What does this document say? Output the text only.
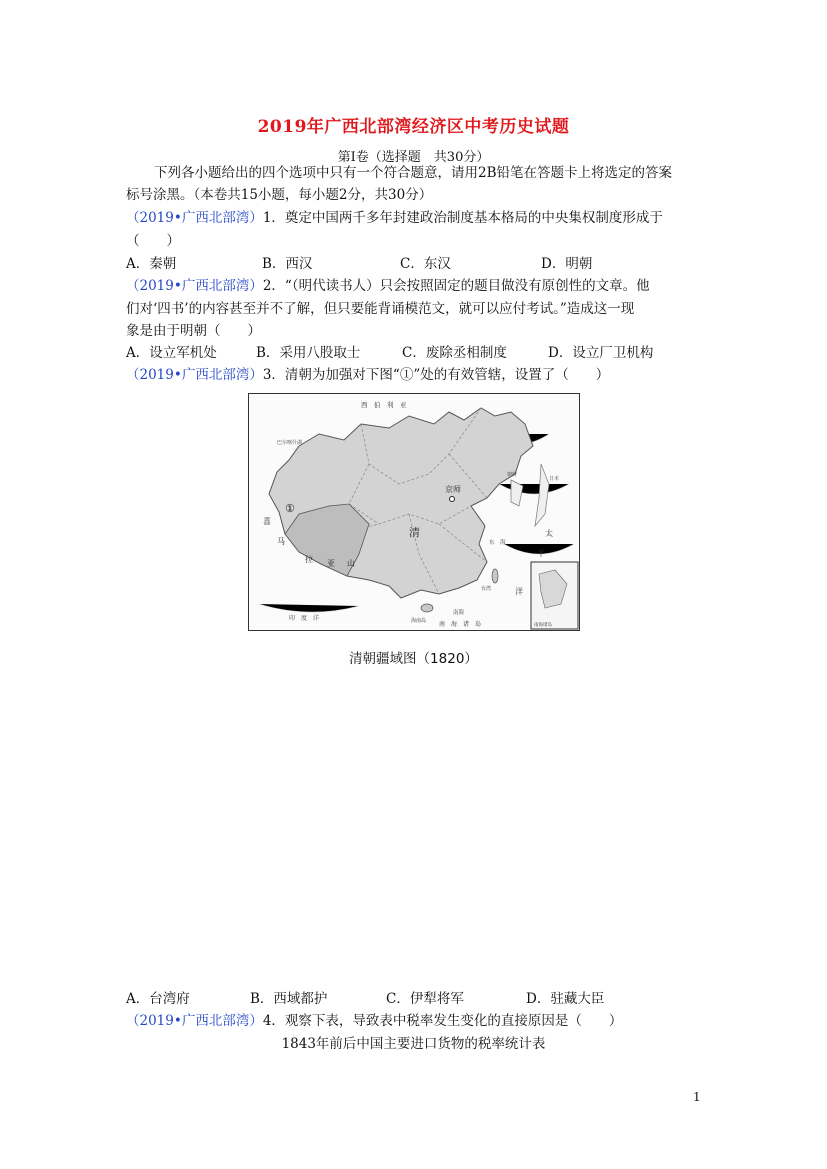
2019年广西北部湾经济区中考历史试题
第Ⅰ卷（选择题　共30分）
下列各小题给出的四个选项中只有一个符合题意，请用2B铅笔在答题卡上将选定的答案
标号涂黑。（本卷共15小题，每小题2分，共30分）
（2019•广西北部湾）1．奠定中国两千多年封建政治制度基本格局的中央集权制度形成于
（　　）
A．秦朝	B．西汉	C．东汉	D．明朝
（2019•广西北部湾）2．“（明代读书人）只会按照固定的题目做没有原创性的文章。他
们对‘四书’的内容甚至并不了解，但只要能背诵模范文，就可以应付考试。”造成这一现
象是由于明朝（　　）
A．设立军机处	B．采用八股取士	C．废除丞相制度	D．设立厂卫机构
（2019•广西北部湾）3．清朝为加强对下图“①”处的有效管辖，设置了（　　）
西　伯　利　亚
巴尔喀什湖
京师
①
清
喜
马
拉 亚 山
朝鲜
日本
太
平
洋
东　海
台湾
海南岛
南海
南　海　诸　岛	南海诸岛
印　度　洋
清朝疆域图（1820）
A．台湾府	B．西域都护	C．伊犁将军	D．驻藏大臣
（2019•广西北部湾）4．观察下表，导致表中税率发生变化的直接原因是（　　）
1843年前后中国主要进口货物的税率统计表
1
